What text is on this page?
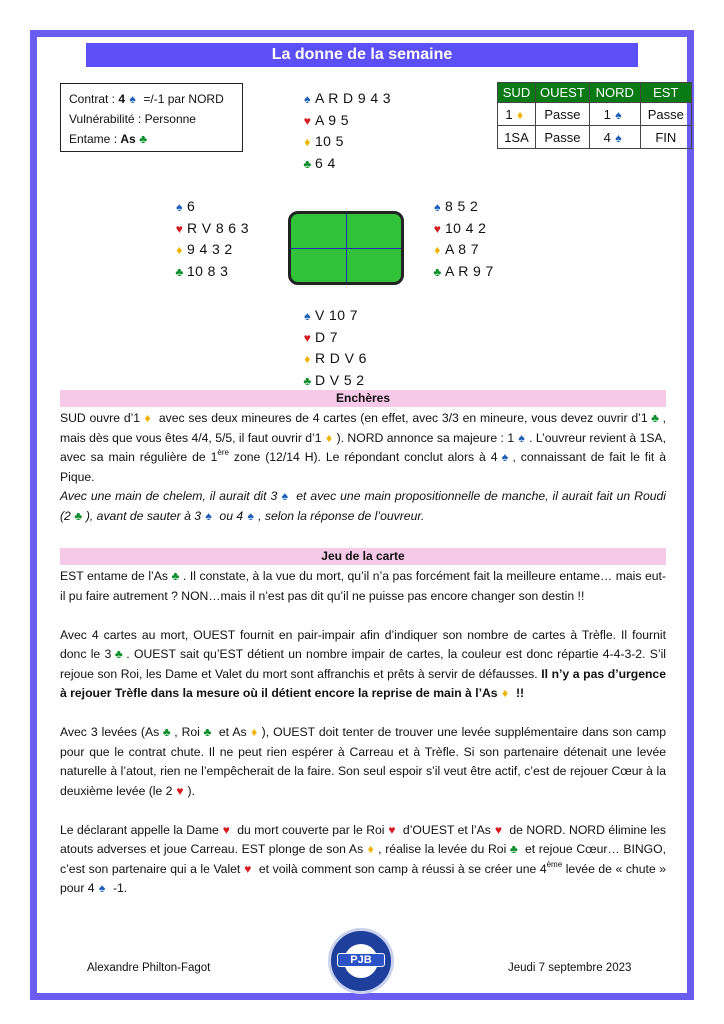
La donne de la semaine
Contrat : 4 ♠ =/-1 par NORD
Vulnérabilité : Personne
Entame : As ♣
SUD	OUEST	NORD	EST
1 ♦	Passe	1 ♠	Passe
1SA	Passe	4 ♠	FIN
♠ A R D 9 4 3
♥ A 9 5
♦ 10 5
♣ 6 4
♠ 6
♥ R V 8 6 3
♦ 9 4 3 2
♣ 10 8 3
♠ 8 5 2
♥ 10 4 2
♦ A 8 7
♣ A R 9 7
♠ V 10 7
♥ D 7
♦ R D V 6
♣ D V 5 2
Enchères

SUD ouvre d’1 ♦ avec ses deux mineures de 4 cartes (en effet, avec 3/3 en mineure, vous devez ouvrir d’1 ♣ , mais dès que vous êtes 4/4, 5/5, il faut ouvrir d’1 ♦ ). NORD annonce sa majeure : 1 ♠ . L’ouvreur revient à 1SA, avec sa main régulière de 1ère zone (12/14 H). Le répondant conclut alors à 4 ♠ , connaissant de fait le fit à Pique.

Avec une main de chelem, il aurait dit 3 ♠ et avec une main propositionnelle de manche, il aurait fait un Roudi (2 ♣ ), avant de sauter à 3 ♠ ou 4 ♠ , selon la réponse de l’ouvreur.

Jeu de la carte

EST entame de l’As ♣ . Il constate, à la vue du mort, qu’il n’a pas forcément fait la meilleure entame… mais eut-il pu faire autrement ? NON…mais il n’est pas dit qu’il ne puisse pas encore changer son destin !!

Avec 4 cartes au mort, OUEST fournit en pair-impair afin d’indiquer son nombre de cartes à Trèfle. Il fournit donc le 3 ♣ . OUEST sait qu’EST détient un nombre impair de cartes, la couleur est donc répartie 4-4-3-2. S’il rejoue son Roi, les Dame et Valet du mort sont affranchis et prêts à servir de défausses. Il n’y a pas d’urgence à rejouer Trèfle dans la mesure où il détient encore la reprise de main à l’As ♦ !!

Avec 3 levées (As ♣ , Roi ♣ et As ♦ ), OUEST doit tenter de trouver une levée supplémentaire dans son camp pour que le contrat chute. Il ne peut rien espérer à Carreau et à Trèfle. Si son partenaire détenait une levée naturelle à l’atout, rien ne l’empêcherait de la faire. Son seul espoir s’il veut être actif, c’est de rejouer Cœur à la deuxième levée (le 2 ♥ ).

Le déclarant appelle la Dame ♥ du mort couverte par le Roi ♥ d’OUEST et l’As ♥ de NORD. NORD élimine les atouts adverses et joue Carreau. EST plonge de son As ♦ , réalise la levée du Roi ♣ et rejoue Cœur… BINGO, c’est son partenaire qui a le Valet ♥ et voilà comment son camp à réussi à se créer une 4ème levée de « chute » pour 4 ♠ -1.

Alexandre Philton-Fagot
PJB
Jeudi 7 septembre 2023
